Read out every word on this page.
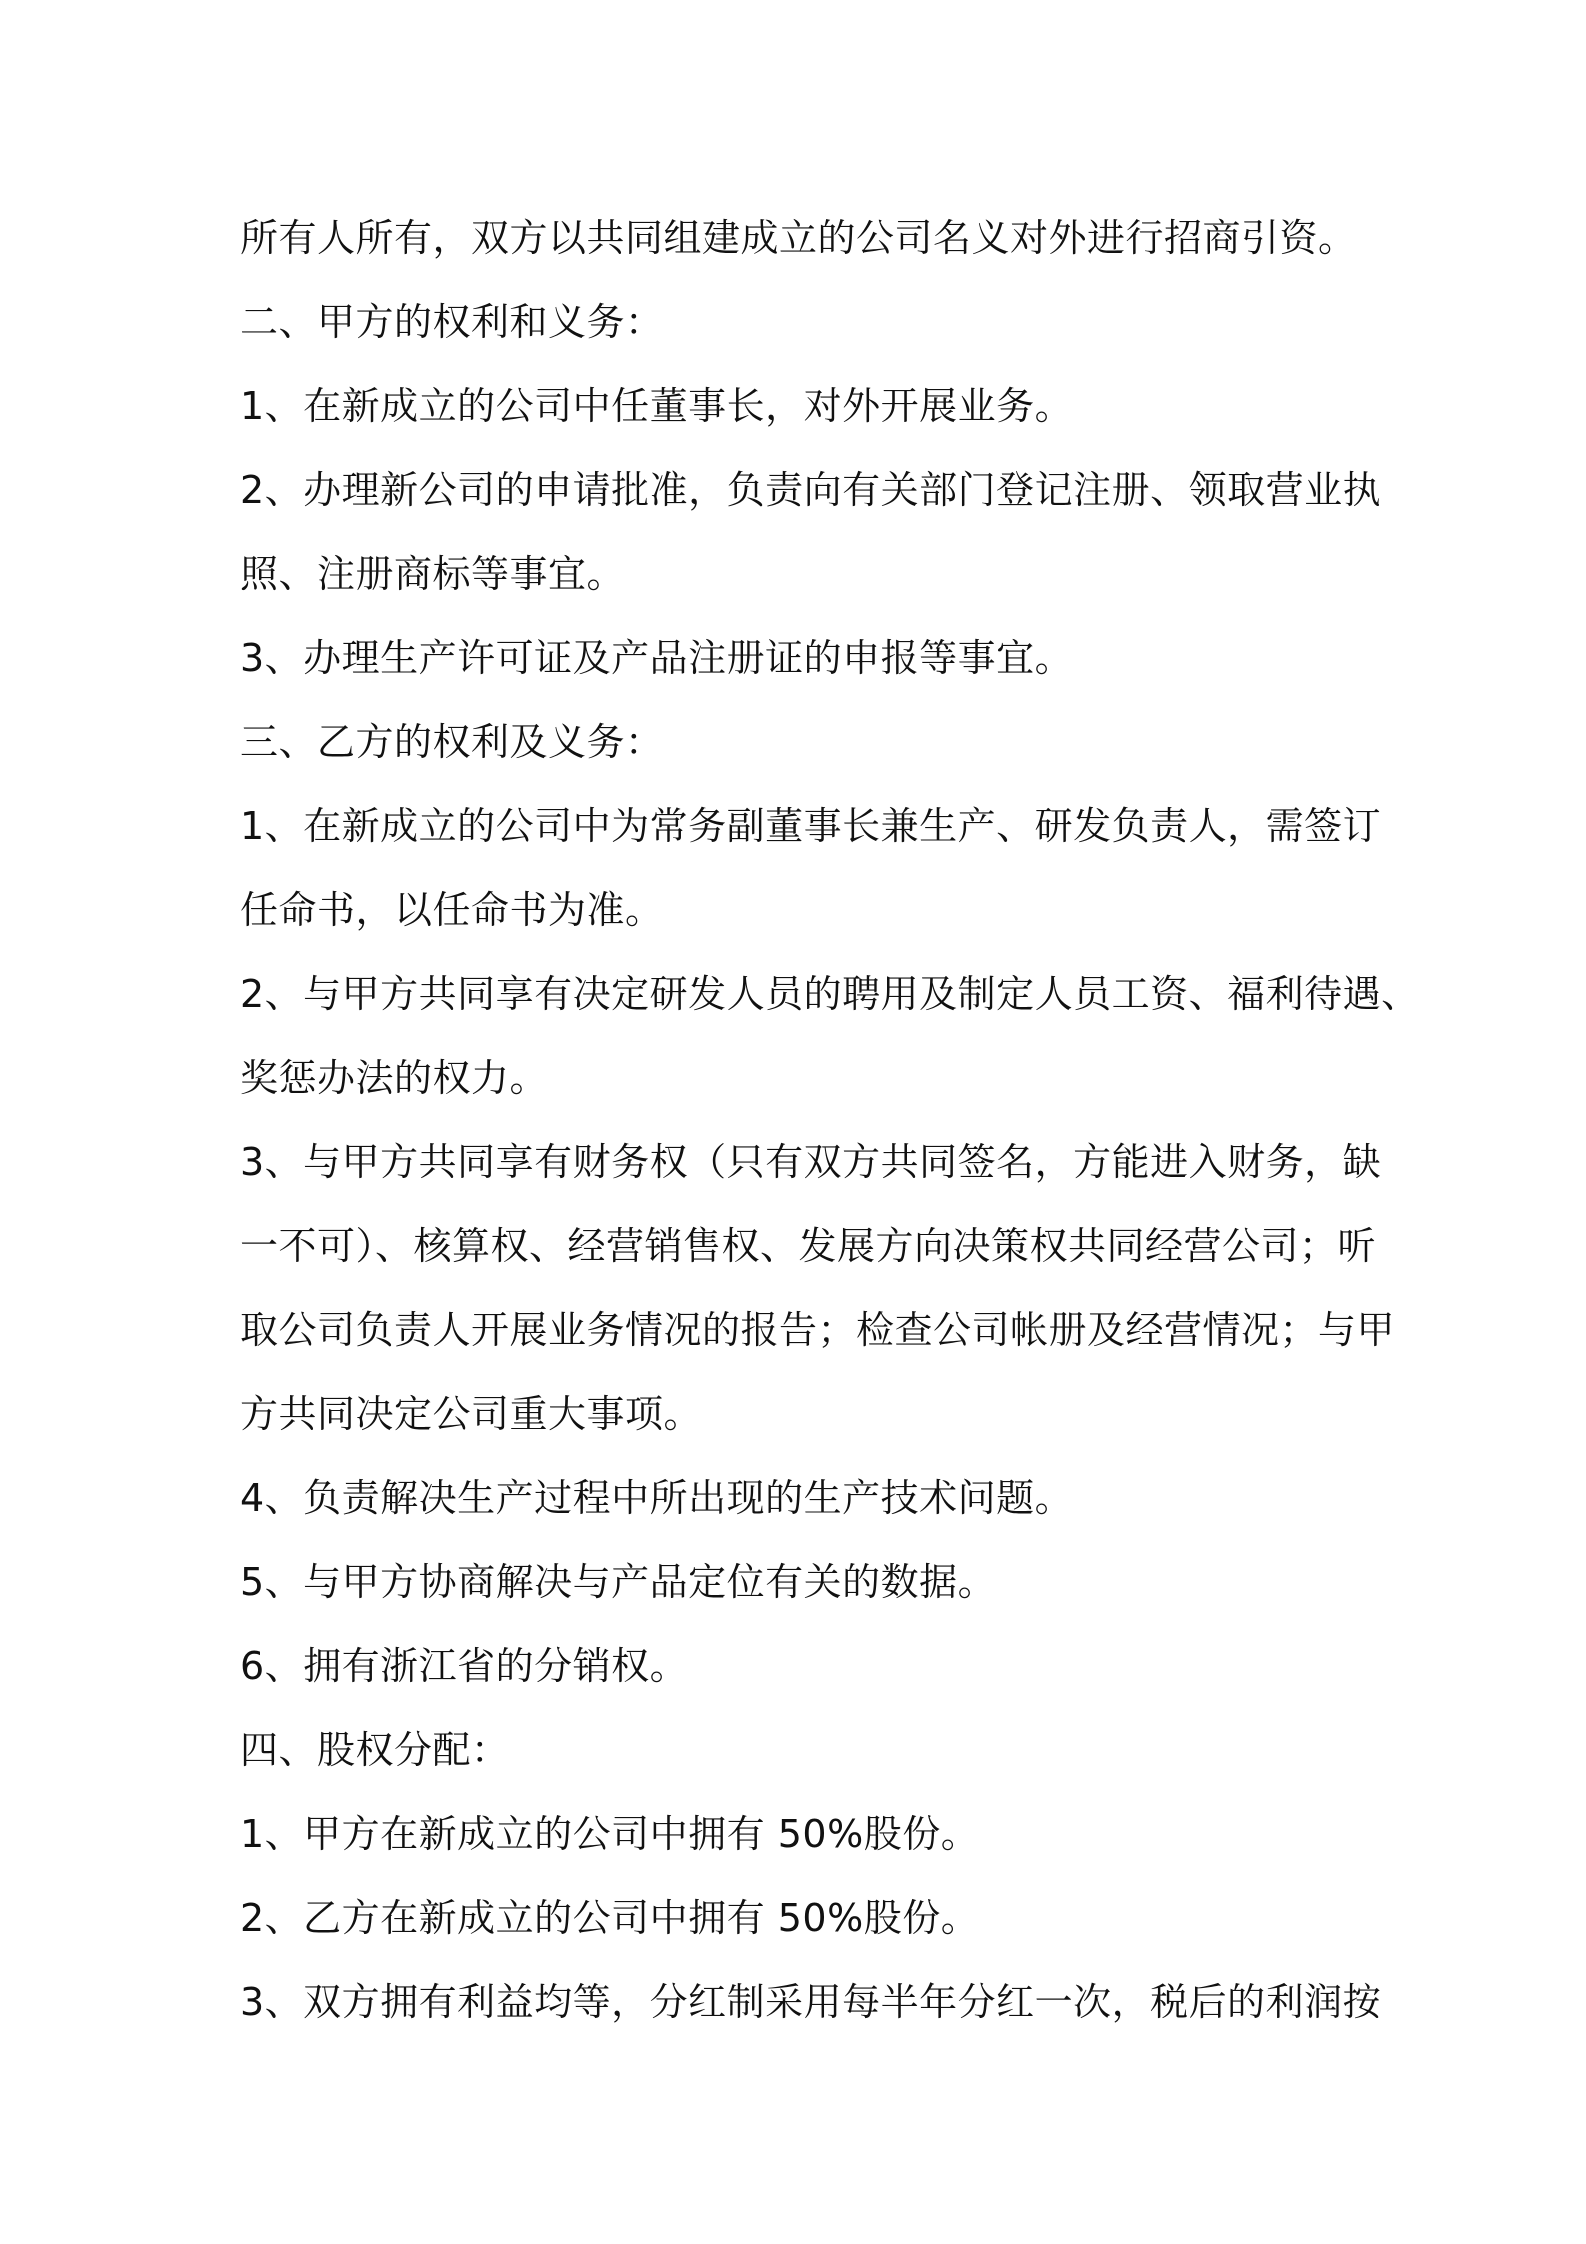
所有人所有，双方以共同组建成立的公司名义对外进行招商引资。
二、甲方的权利和义务：
1、在新成立的公司中任董事长，对外开展业务。
2、办理新公司的申请批准，负责向有关部门登记注册、领取营业执
照、注册商标等事宜。
3、办理生产许可证及产品注册证的申报等事宜。
三、乙方的权利及义务：
1、在新成立的公司中为常务副董事长兼生产、研发负责人，需签订
任命书，以任命书为准。
2、与甲方共同享有决定研发人员的聘用及制定人员工资、福利待遇、
奖惩办法的权力。
3、与甲方共同享有财务权（只有双方共同签名，方能进入财务，缺
一不可）、核算权、经营销售权、发展方向决策权共同经营公司；听
取公司负责人开展业务情况的报告；检查公司帐册及经营情况；与甲
方共同决定公司重大事项。
4、负责解决生产过程中所出现的生产技术问题。
5、与甲方协商解决与产品定位有关的数据。
6、拥有浙江省的分销权。
四、股权分配：
1、甲方在新成立的公司中拥有 50%股份。
2、乙方在新成立的公司中拥有 50%股份。
3、双方拥有利益均等，分红制采用每半年分红一次，税后的利润按
